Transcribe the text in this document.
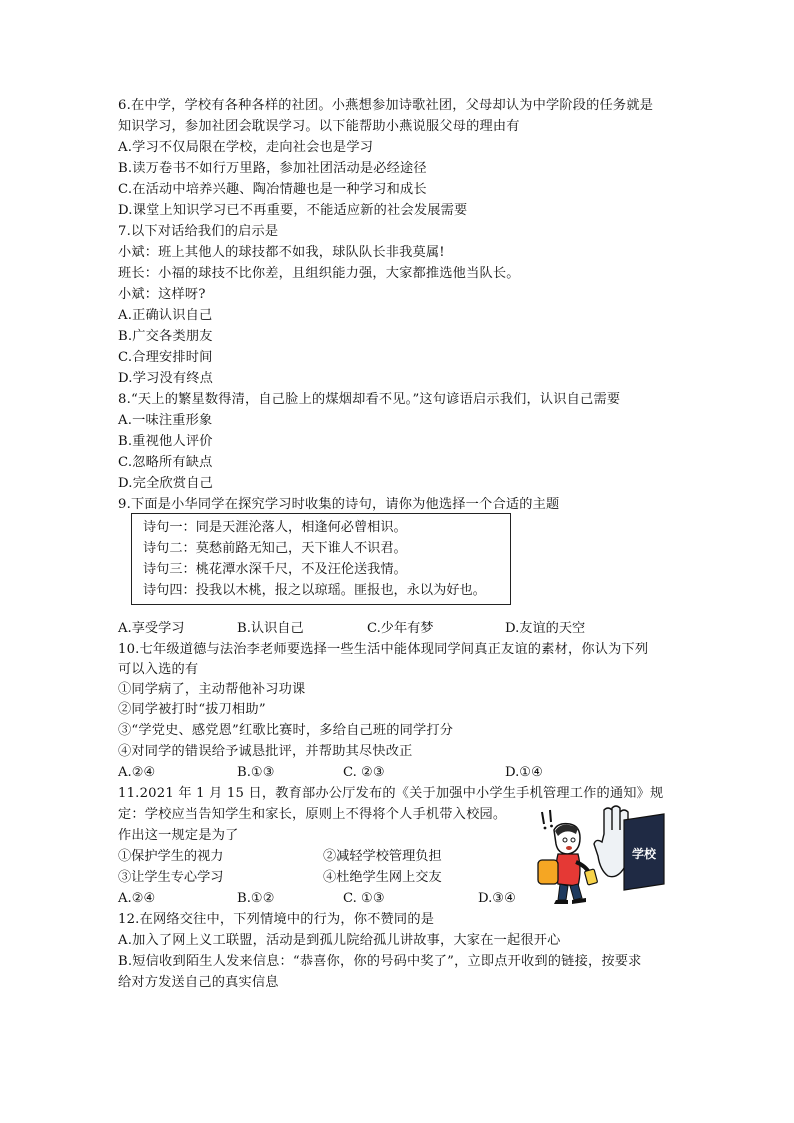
6.在中学，学校有各种各样的社团。小燕想参加诗歌社团，父母却认为中学阶段的任务就是
知识学习，参加社团会耽误学习。以下能帮助小燕说服父母的理由有
A.学习不仅局限在学校，走向社会也是学习
B.读万卷书不如行万里路，参加社团活动是必经途径
C.在活动中培养兴趣、陶冶情趣也是一种学习和成长
D.课堂上知识学习已不再重要，不能适应新的社会发展需要
7.以下对话给我们的启示是
小斌：班上其他人的球技都不如我，球队队长非我莫属!
班长：小福的球技不比你差，且组织能力强，大家都推选他当队长。
小斌：这样呀?
A.正确认识自己
B.广交各类朋友
C.合理安排时间
D.学习没有终点
8.“天上的繁星数得清，自己脸上的煤烟却看不见。”这句谚语启示我们，认识自己需要
A.一味注重形象
B.重视他人评价
C.忽略所有缺点
D.完全欣赏自己
9.下面是小华同学在探究学习时收集的诗句，请你为他选择一个合适的主题
诗句一：同是天涯沦落人，相逢何必曾相识。
诗句二：莫愁前路无知己，天下谁人不识君。
诗句三：桃花潭水深千尺，不及汪伦送我情。
诗句四：投我以木桃，报之以琼瑶。匪报也，永以为好也。
A.享受学习	B.认识自己	C.少年有梦	D.友谊的天空
10.七年级道德与法治李老师要选择一些生活中能体现同学间真正友谊的素材，你认为下列
可以入选的有
①同学病了，主动帮他补习功课
②同学被打时“拔刀相助”
③“学党史、感党恩”红歌比赛时，多给自己班的同学打分
④对同学的错误给予诚恳批评，并帮助其尽快改正
A.②④	B.①③	C. ②③	D.①④
11.2021 年 1 月 15 日，教育部办公厅发布的《关于加强中小学生手机管理工作的通知》规
定：学校应当告知学生和家长，原则上不得将个人手机带入校园。
作出这一规定是为了
①保护学生的视力	②减轻学校管理负担
③让学生专心学习	④杜绝学生网上交友
A.②④	B.①②	C. ①③	D.③④
学校
12.在网络交往中，下列情境中的行为，你不赞同的是
A.加入了网上义工联盟，活动是到孤儿院给孤儿讲故事，大家在一起很开心
B.短信收到陌生人发来信息：“恭喜你，你的号码中奖了”，立即点开收到的链接，按要求
给对方发送自己的真实信息
